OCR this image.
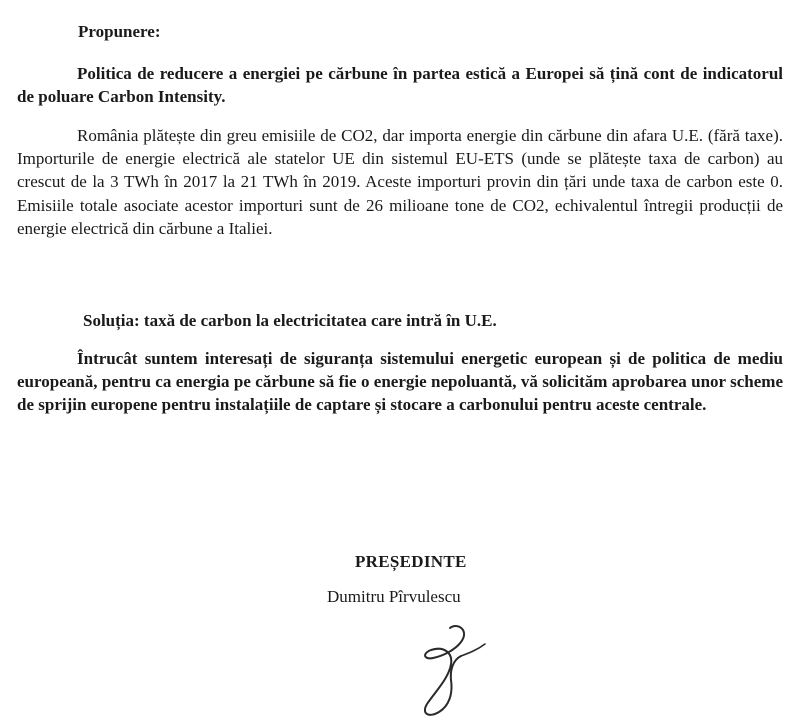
Propunere:

Politica de reducere a energiei pe cărbune în partea estică a Europei să țină cont de indicatorul de poluare Carbon Intensity.

România plătește din greu emisiile de CO2, dar importa energie din cărbune din afara U.E. (fără taxe). Importurile de energie electrică ale statelor UE din sistemul EU-ETS (unde se plătește taxa de carbon) au crescut de la 3 TWh în 2017 la 21 TWh în 2019. Aceste importuri provin din țări unde taxa de carbon este 0. Emisiile totale asociate acestor importuri sunt de 26 milioane tone de CO2, echivalentul întregii producții de energie electrică din cărbune a Italiei.

Soluția: taxă de carbon la electricitatea care intră în U.E.

Întrucât suntem interesați de siguranța sistemului energetic european și de politica de mediu europeană, pentru ca energia pe cărbune să fie o energie nepoluantă, vă solicităm aprobarea unor scheme de sprijin europene pentru instalațiile de captare și stocare a carbonului pentru aceste centrale.

PREȘEDINTE
Dumitru Pîrvulescu
